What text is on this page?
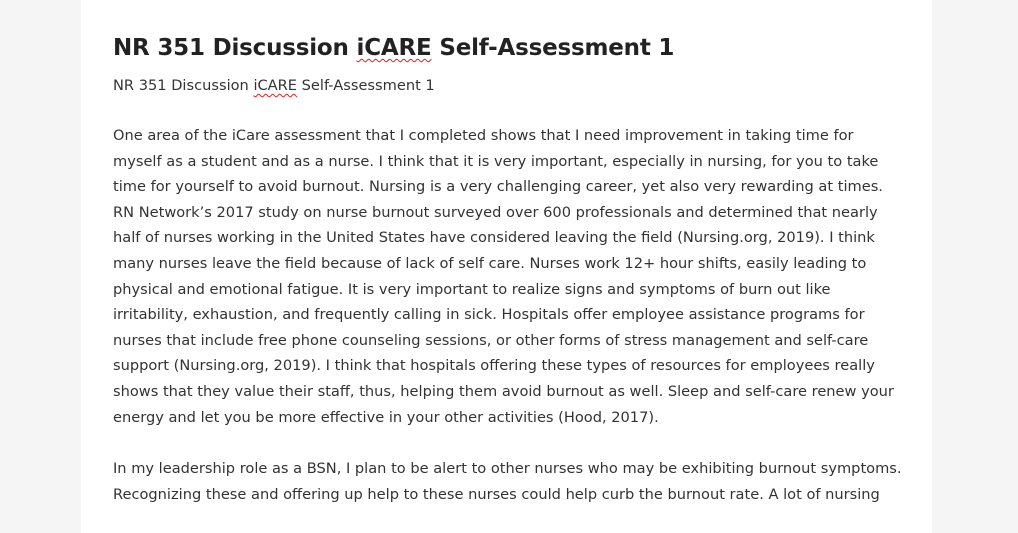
NR 351 Discussion iCARE Self-Assessment 1
NR 351 Discussion iCARE Self-Assessment 1

One area of the iCare assessment that I completed shows that I need improvement in taking time for myself as a student and as a nurse. I think that it is very important, especially in nursing, for you to take time for yourself to avoid burnout. Nursing is a very challenging career, yet also very rewarding at times. RN Network’s 2017 study on nurse burnout surveyed over 600 professionals and determined that nearly half of nurses working in the United States have considered leaving the field (Nursing.org, 2019). I think many nurses leave the field because of lack of self care. Nurses work 12+ hour shifts, easily leading to physical and emotional fatigue. It is very important to realize signs and symptoms of burn out like irritability, exhaustion, and frequently calling in sick. Hospitals offer employee assistance programs for nurses that include free phone counseling sessions, or other forms of stress management and self-care support (Nursing.org, 2019). I think that hospitals offering these types of resources for employees really shows that they value their staff, thus, helping them avoid burnout as well. Sleep and self-care renew your energy and let you be more effective in your other activities (Hood, 2017).

In my leadership role as a BSN, I plan to be alert to other nurses who may be exhibiting burnout symptoms. Recognizing these and offering up help to these nurses could help curb the burnout rate. A lot of nursing
